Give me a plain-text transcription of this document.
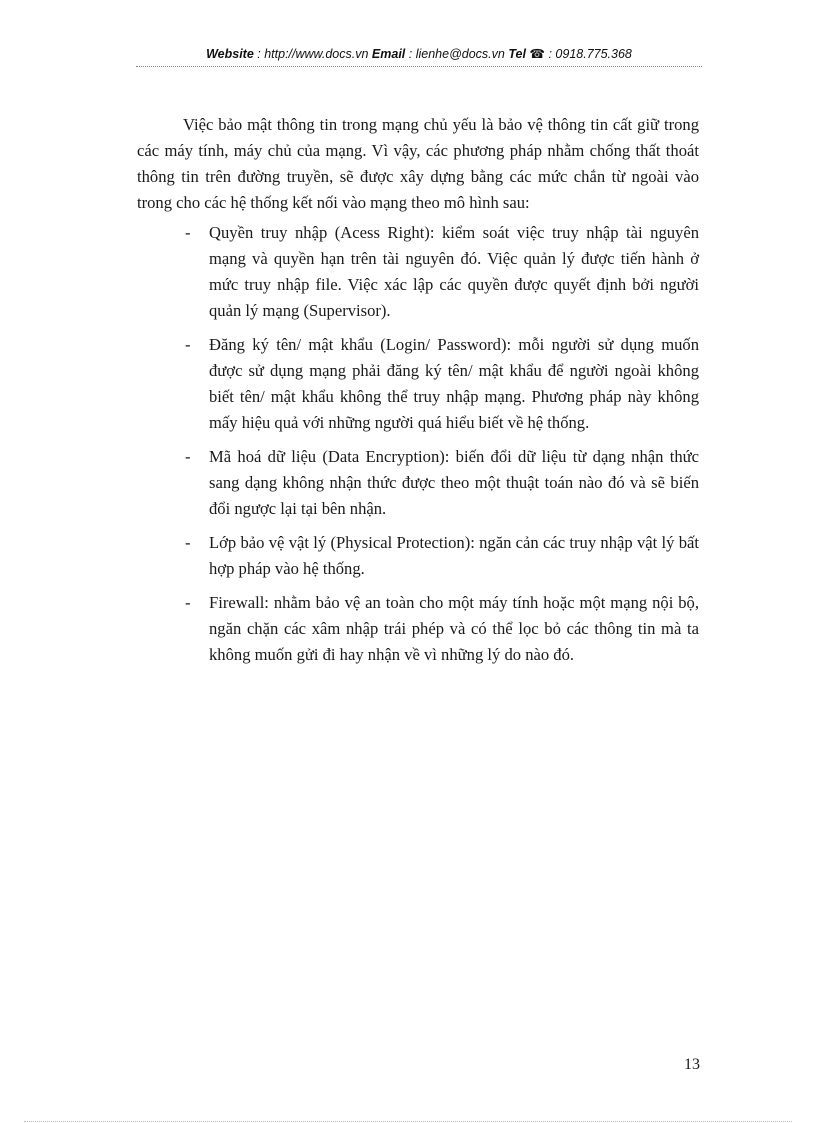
Website : http://www.docs.vn Email : lienhe@docs.vn Tel ☎ : 0918.775.368

Việc bảo mật thông tin trong mạng chủ yếu là bảo vệ thông tin cất giữ trong các máy tính, máy chủ của mạng. Vì vậy, các phương pháp nhằm chống thất thoát thông tin trên đường truyền, sẽ được xây dựng bằng các mức chắn từ ngoài vào trong cho các hệ thống kết nối vào mạng theo mô hình sau:

- Quyền truy nhập (Acess Right): kiểm soát việc truy nhập tài nguyên mạng và quyền hạn trên tài nguyên đó. Việc quản lý được tiến hành ở mức truy nhập file. Việc xác lập các quyền được quyết định bởi người quản lý mạng (Supervisor).
- Đăng ký tên/ mật khẩu (Login/ Password): mỗi người sử dụng muốn được sử dụng mạng phải đăng ký tên/ mật khẩu để người ngoài không biết tên/ mật khẩu không thể truy nhập mạng. Phương pháp này không mấy hiệu quả với những người quá hiểu biết về hệ thống.
- Mã hoá dữ liệu (Data Encryption): biến đổi dữ liệu từ dạng nhận thức sang dạng không nhận thức được theo một thuật toán nào đó và sẽ biến đổi ngược lại tại bên nhận.
- Lớp bảo vệ vật lý (Physical Protection): ngăn cản các truy nhập vật lý bất hợp pháp vào hệ thống.
- Firewall: nhằm bảo vệ an toàn cho một máy tính hoặc một mạng nội bộ, ngăn chặn các xâm nhập trái phép và có thể lọc bỏ các thông tin mà ta không muốn gửi đi hay nhận về vì những lý do nào đó.
13
